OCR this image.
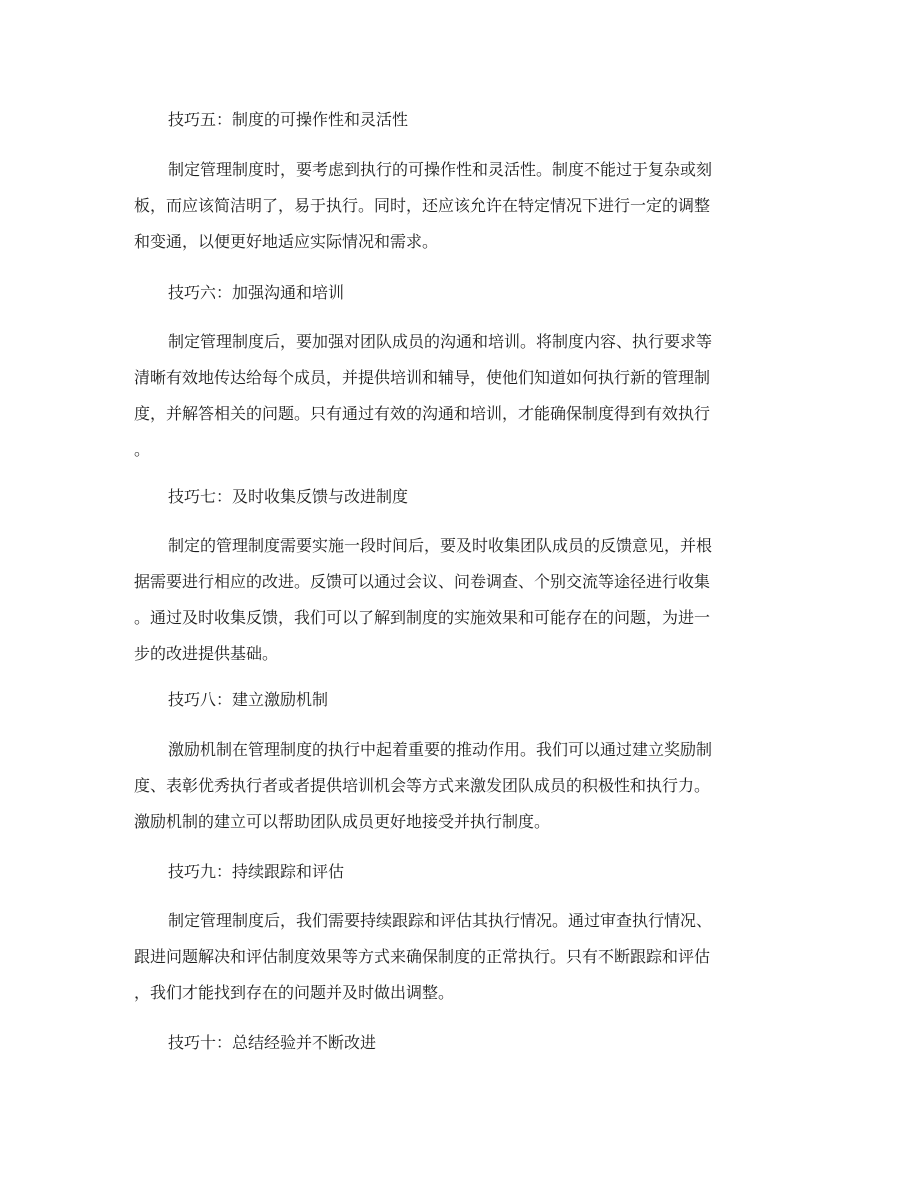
技巧五：制度的可操作性和灵活性
制定管理制度时，要考虑到执行的可操作性和灵活性。制度不能过于复杂或刻
板，而应该简洁明了，易于执行。同时，还应该允许在特定情况下进行一定的调整
和变通，以便更好地适应实际情况和需求。
技巧六：加强沟通和培训
制定管理制度后，要加强对团队成员的沟通和培训。将制度内容、执行要求等
清晰有效地传达给每个成员，并提供培训和辅导，使他们知道如何执行新的管理制
度，并解答相关的问题。只有通过有效的沟通和培训，才能确保制度得到有效执行
。
技巧七：及时收集反馈与改进制度
制定的管理制度需要实施一段时间后，要及时收集团队成员的反馈意见，并根
据需要进行相应的改进。反馈可以通过会议、问卷调查、个别交流等途径进行收集
。通过及时收集反馈，我们可以了解到制度的实施效果和可能存在的问题，为进一
步的改进提供基础。
技巧八：建立激励机制
激励机制在管理制度的执行中起着重要的推动作用。我们可以通过建立奖励制
度、表彰优秀执行者或者提供培训机会等方式来激发团队成员的积极性和执行力。
激励机制的建立可以帮助团队成员更好地接受并执行制度。
技巧九：持续跟踪和评估
制定管理制度后，我们需要持续跟踪和评估其执行情况。通过审查执行情况、
跟进问题解决和评估制度效果等方式来确保制度的正常执行。只有不断跟踪和评估
，我们才能找到存在的问题并及时做出调整。
技巧十：总结经验并不断改进
